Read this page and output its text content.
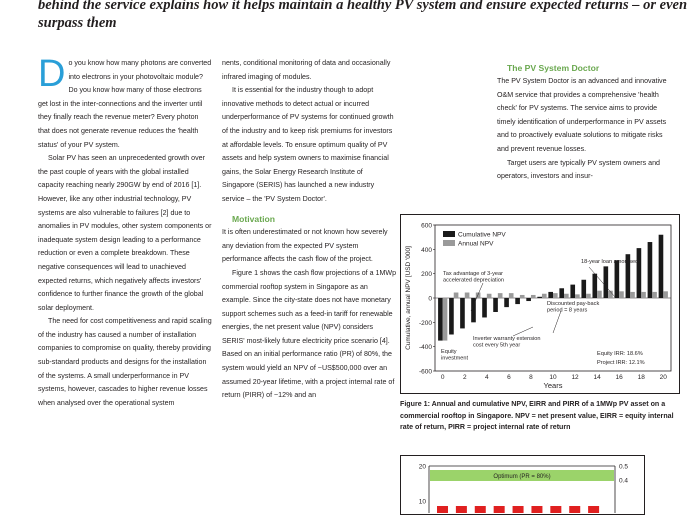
behind the service explains how it helps maintain a healthy PV system and ensure expected returns – or even surpass them

Do you know how many photons are converted into electrons in your photovoltaic module? Do you know how many of those electrons get lost in the inter-connections and the inverter until they finally reach the revenue meter? Every photon that does not generate revenue reduces the 'health status' of your PV system.

Solar PV has seen an unprecedented growth over the past couple of years with the global installed capacity reaching nearly 290GW by end of 2016 [1]. However, like any other industrial technology, PV systems are also vulnerable to failures [2] due to anomalies in PV modules, other system components or inadequate system design leading to a performance reduction or even a complete breakdown. These negative consequences will lead to unachieved expected returns, which negatively affects investors' confidence to further finance the growth of the global solar deployment.

The need for cost competitiveness and rapid scaling of the industry has caused a number of installation companies to compromise on quality, thereby providing sub-standard products and designs for the installation of the systems. A small underperformance in PV systems, however, cascades to higher revenue losses when analysed over the operational system

nents, conditional monitoring of data and occasionally infrared imaging of modules.

It is essential for the industry though to adopt innovative methods to detect actual or incurred underperformance of PV systems for continued growth of the industry and to keep risk premiums for investors at affordable levels. To ensure optimum quality of PV assets and help system owners to maximise financial gains, the Solar Energy Research Institute of Singapore (SERIS) has launched a new industry service – the 'PV System Doctor'.

Motivation

It is often underestimated or not known how severely any deviation from the expected PV system performance affects the cash flow of the project.

Figure 1 shows the cash flow projections of a 1MWp commercial rooftop system in Singapore as an example. Since the city-state does not have monetary support schemes such as a feed-in tariff for renewable energies, the net present value (NPV) considers SERIS' most-likely future electricity price scenario [4]. Based on an initial performance ratio (PR) of 80%, the system would yield an NPV of ~US$500,000 over an assumed 20-year lifetime, with a project internal rate of return (PIRR) of ~12% and an

The PV System Doctor

The PV System Doctor is an advanced and innovative O&M service that provides a comprehensive 'health check' for PV systems. The service aims to provide timely identification of underperformance in PV assets and to proactively evaluate solutions to mitigate risks and prevent revenue losses.

Target users are typically PV system owners and operators, investors and insur-

-600
-400
-200
0
200
400
600
0	2	4	6	8	10 12 14 16 18 20
Years
Cumulative, annual NPV [USD '000]
Cumulative NPV
Annual NPV
18-year loan amortised
Tax advantage of 3-year accelerated depreciation
Discounted pay-back period = 8 years
Inverter warranty extension cost every 5th year
Equity investment
Equity IRR: 18.6%
Project IRR: 12.1%
Figure 1: Annual and cumulative NPV, EIRR and PIRR of a 1MWp PV asset on a commercial rooftop in Singapore. NPV = net present value, EIRR = equity internal rate of return, PIRR = project internal rate of return
Optimum (PR = 80%)
20
10
0.5
0.4
